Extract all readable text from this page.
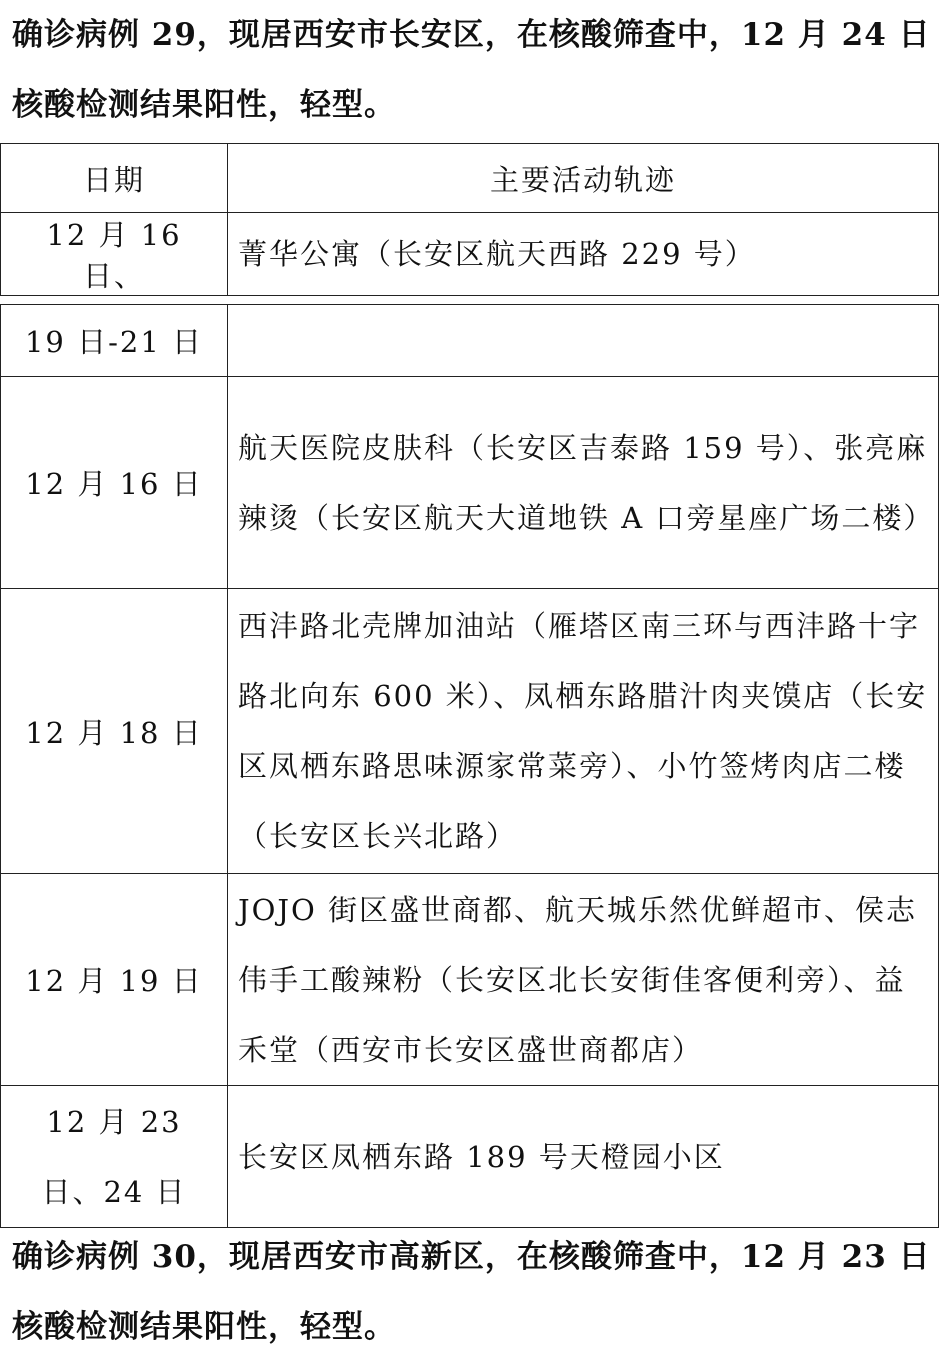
确诊病例 29，现居西安市长安区，在核酸筛查中，12 月 24 日核酸检测结果阳性，轻型。

日期	主要活动轨迹
12 月 16 日、	菁华公寓（长安区航天西路 229 号）

19 日-21 日	
12 月 16 日	航天医院皮肤科（长安区吉泰路 159 号）、张亮麻辣烫（长安区航天大道地铁 A 口旁星座广场二楼）
12 月 18 日	西沣路北壳牌加油站（雁塔区南三环与西沣路十字路北向东 600 米）、凤栖东路腊汁肉夹馍店（长安区凤栖东路思味源家常菜旁）、小竹签烤肉店二楼（长安区长兴北路）
12 月 19 日	JOJO 街区盛世商都、航天城乐然优鲜超市、侯志伟手工酸辣粉（长安区北长安街佳客便利旁）、益禾堂（西安市长安区盛世商都店）
12 月 23 日、24 日	长安区凤栖东路 189 号天橙园小区

确诊病例 30，现居西安市高新区，在核酸筛查中，12 月 23 日核酸检测结果阳性，轻型。
